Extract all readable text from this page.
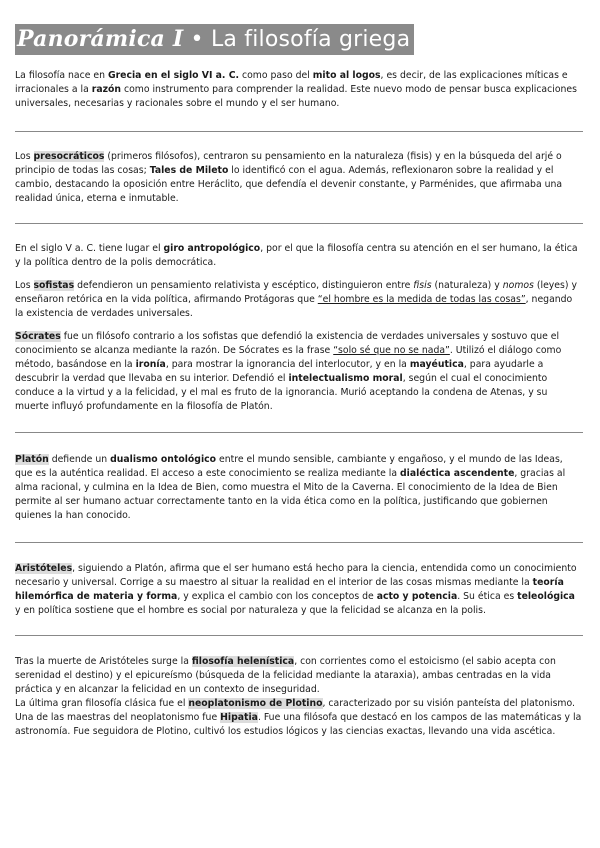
Panorámica I • La filosofía griega

La filosofía nace en Grecia en el siglo VI a. C. como paso del mito al logos, es decir, de las explicaciones míticas e irracionales a la razón como instrumento para comprender la realidad. Este nuevo modo de pensar busca explicaciones universales, necesarias y racionales sobre el mundo y el ser humano.

Los presocráticos (primeros filósofos), centraron su pensamiento en la naturaleza (fisis) y en la búsqueda del arjé o principio de todas las cosas; Tales de Mileto lo identificó con el agua. Además, reflexionaron sobre la realidad y el cambio, destacando la oposición entre Heráclito, que defendía el devenir constante, y Parménides, que afirmaba una realidad única, eterna e inmutable.

En el siglo V a. C. tiene lugar el giro antropológico, por el que la filosofía centra su atención en el ser humano, la ética y la política dentro de la polis democrática.

Los sofistas defendieron un pensamiento relativista y escéptico, distinguieron entre fisis (naturaleza) y nomos (leyes) y enseñaron retórica en la vida política, afirmando Protágoras que “el hombre es la medida de todas las cosas”, negando la existencia de verdades universales.

Sócrates fue un filósofo contrario a los sofistas que defendió la existencia de verdades universales y sostuvo que el conocimiento se alcanza mediante la razón. De Sócrates es la frase “solo sé que no se nada”. Utilizó el diálogo como método, basándose en la ironía, para mostrar la ignorancia del interlocutor, y en la mayéutica, para ayudarle a descubrir la verdad que llevaba en su interior. Defendió el intelectualismo moral, según el cual el conocimiento conduce a la virtud y a la felicidad, y el mal es fruto de la ignorancia. Murió aceptando la condena de Atenas, y su muerte influyó profundamente en la filosofía de Platón.

Platón defiende un dualismo ontológico entre el mundo sensible, cambiante y engañoso, y el mundo de las Ideas, que es la auténtica realidad. El acceso a este conocimiento se realiza mediante la dialéctica ascendente, gracias al alma racional, y culmina en la Idea de Bien, como muestra el Mito de la Caverna. El conocimiento de la Idea de Bien permite al ser humano actuar correctamente tanto en la vida ética como en la política, justificando que gobiernen quienes la han conocido.

Aristóteles, siguiendo a Platón, afirma que el ser humano está hecho para la ciencia, entendida como un conocimiento necesario y universal. Corrige a su maestro al situar la realidad en el interior de las cosas mismas mediante la teoría hilemórfica de materia y forma, y explica el cambio con los conceptos de acto y potencia. Su ética es teleológica y en política sostiene que el hombre es social por naturaleza y que la felicidad se alcanza en la polis.

Tras la muerte de Aristóteles surge la filosofía helenística, con corrientes como el estoicismo (el sabio acepta con serenidad el destino) y el epicureísmo (búsqueda de la felicidad mediante la ataraxia), ambas centradas en la vida práctica y en alcanzar la felicidad en un contexto de inseguridad.

La última gran filosofía clásica fue el neoplatonismo de Plotino, caracterizado por su visión panteísta del platonismo.

Una de las maestras del neoplatonismo fue Hipatia. Fue una filósofa que destacó en los campos de las matemáticas y la astronomía. Fue seguidora de Plotino, cultivó los estudios lógicos y las ciencias exactas, llevando una vida ascética.
